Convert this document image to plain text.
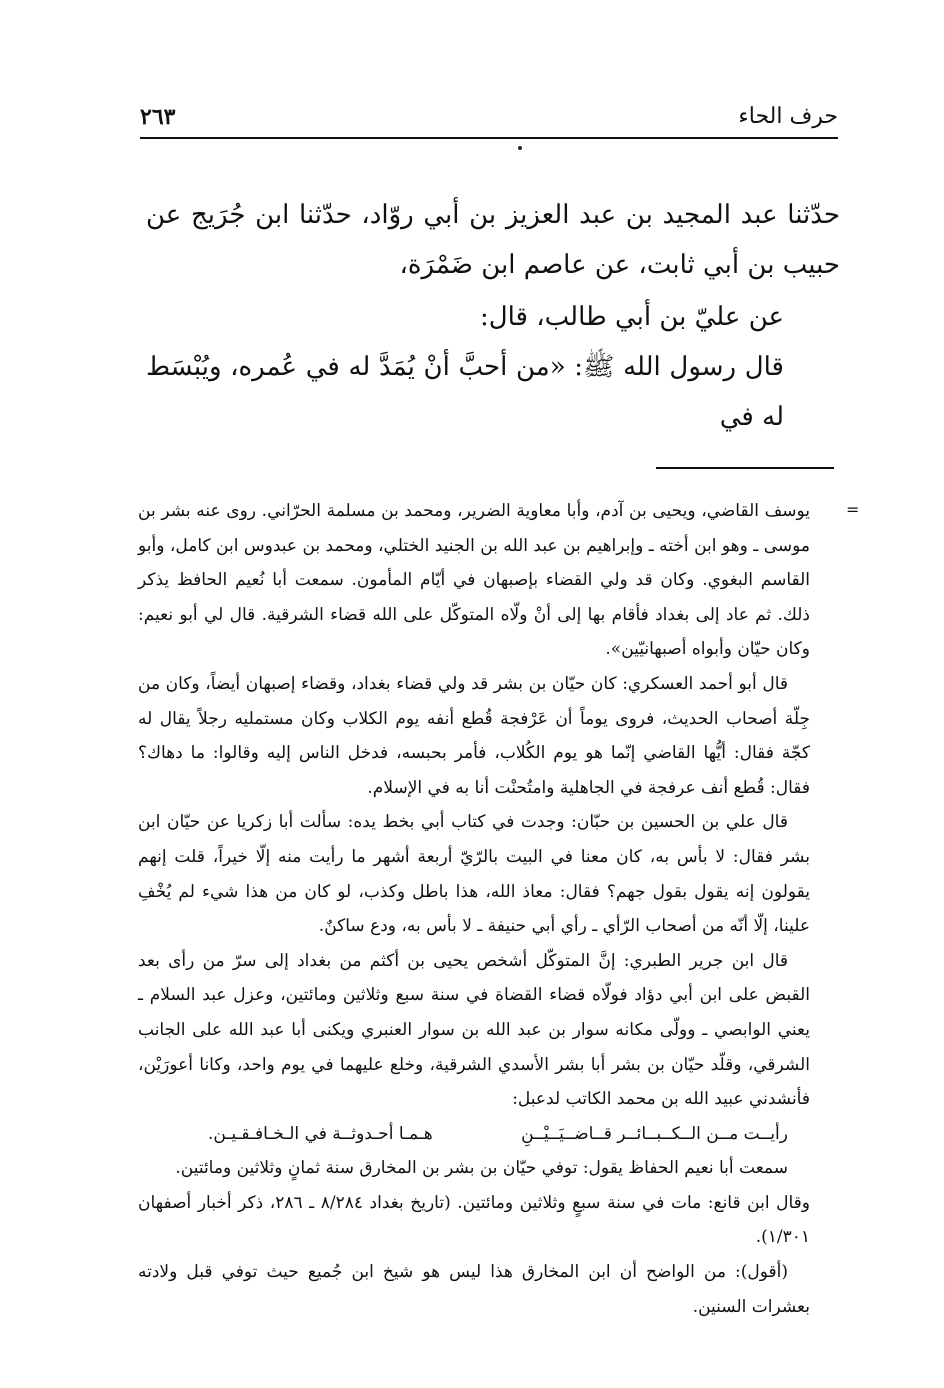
حرف الحاء
٢٦٣

حدّثنا عبد المجيد بن عبد العزيز بن أبي روّاد، حدّثنا ابن جُرَيج عن حبيب بن أبي ثابت، عن عاصم ابن ضَمْرَة،

عن عليّ بن أبي طالب، قال:

قال رسول الله ﷺ: «من أحبَّ أنْ يُمَدَّ له في عُمره، ويُبْسَط له في

=

يوسف القاضي، ويحيى بن آدم، وأبا معاوية الضرير، ومحمد بن مسلمة الحرّاني. روى عنه بشر بن موسى ـ وهو ابن أخته ـ وإبراهيم بن عبد الله بن الجنيد الختلي، ومحمد بن عبدوس ابن كامل، وأبو القاسم البغوي. وكان قد ولي القضاء بإصبهان في أيّام المأمون. سمعت أبا نُعيم الحافظ يذكر ذلك. ثم عاد إلى بغداد فأقام بها إلى أنْ ولّاه المتوكّل على الله قضاء الشرقية. قال لي أبو نعيم: وكان حيّان وأبواه أصبهانيّين».

قال أبو أحمد العسكري: كان حيّان بن بشر قد ولي قضاء بغداد، وقضاء إصبهان أيضاً، وكان من جِلّة أصحاب الحديث، فروى يوماً أن عَرْفجة قُطع أنفه يوم الكلاب وكان مستمليه رجلاً يقال له كجّة فقال: أيُّها القاضي إنّما هو يوم الكُلاب، فأمر بحبسه، فدخل الناس إليه وقالوا: ما دهاك؟ فقال: قُطع أنف عرفجة في الجاهلية وامتُحنْت أنا به في الإسلام.

قال علي بن الحسين بن حبّان: وجدت في كتاب أبي بخط يده: سألت أبا زكريا عن حيّان ابن بشر فقال: لا بأس به، كان معنا في البيت بالرّيّ أربعة أشهر ما رأيت منه إلّا خيراً، قلت إنهم يقولون إنه يقول بقول جهم؟ فقال: معاذ الله، هذا باطل وكذب، لو كان من هذا شيء لم يُخْفِ علينا، إلّا أنّه من أصحاب الرّأي ـ رأي أبي حنيفة ـ لا بأس به، ودع ساكنٌ.

قال ابن جرير الطبري: إنَّ المتوكّل أشخص يحيى بن أكثم من بغداد إلى سرّ من رأى بعد القبض على ابن أبي دؤاد فولّاه قضاء القضاة في سنة سبع وثلاثين ومائتين، وعزل عبد السلام ـ يعني الوابصي ـ وولّى مكانه سوار بن عبد الله بن سوار العنبري ويكنى أبا عبد الله على الجانب الشرقي، وقلّد حيّان بن بشر أبا بشر الأسدي الشرقية، وخلع عليهما في يوم واحد، وكانا أعورَيْن، فأنشدني عبيد الله بن محمد الكاتب لدعبل:

رأيــت مــن الــكــبــائــر قــاضــيَــيْــنِ
هـمـا أحـدوثــة في الـخـافـقـيـن.

سمعت أبا نعيم الحفاظ يقول: توفي حيّان بن بشر بن المخارق سنة ثمانٍ وثلاثين ومائتين.

وقال ابن قانع: مات في سنة سبعٍ وثلاثين ومائتين. (تاريخ بغداد ٨/٢٨٤ ـ ٢٨٦، ذكر أخبار أصفهان ١/٣٠١).

(أقول): من الواضح أن ابن المخارق هذا ليس هو شيخ ابن جُميع حيث توفي قبل ولادته بعشرات السنين.
